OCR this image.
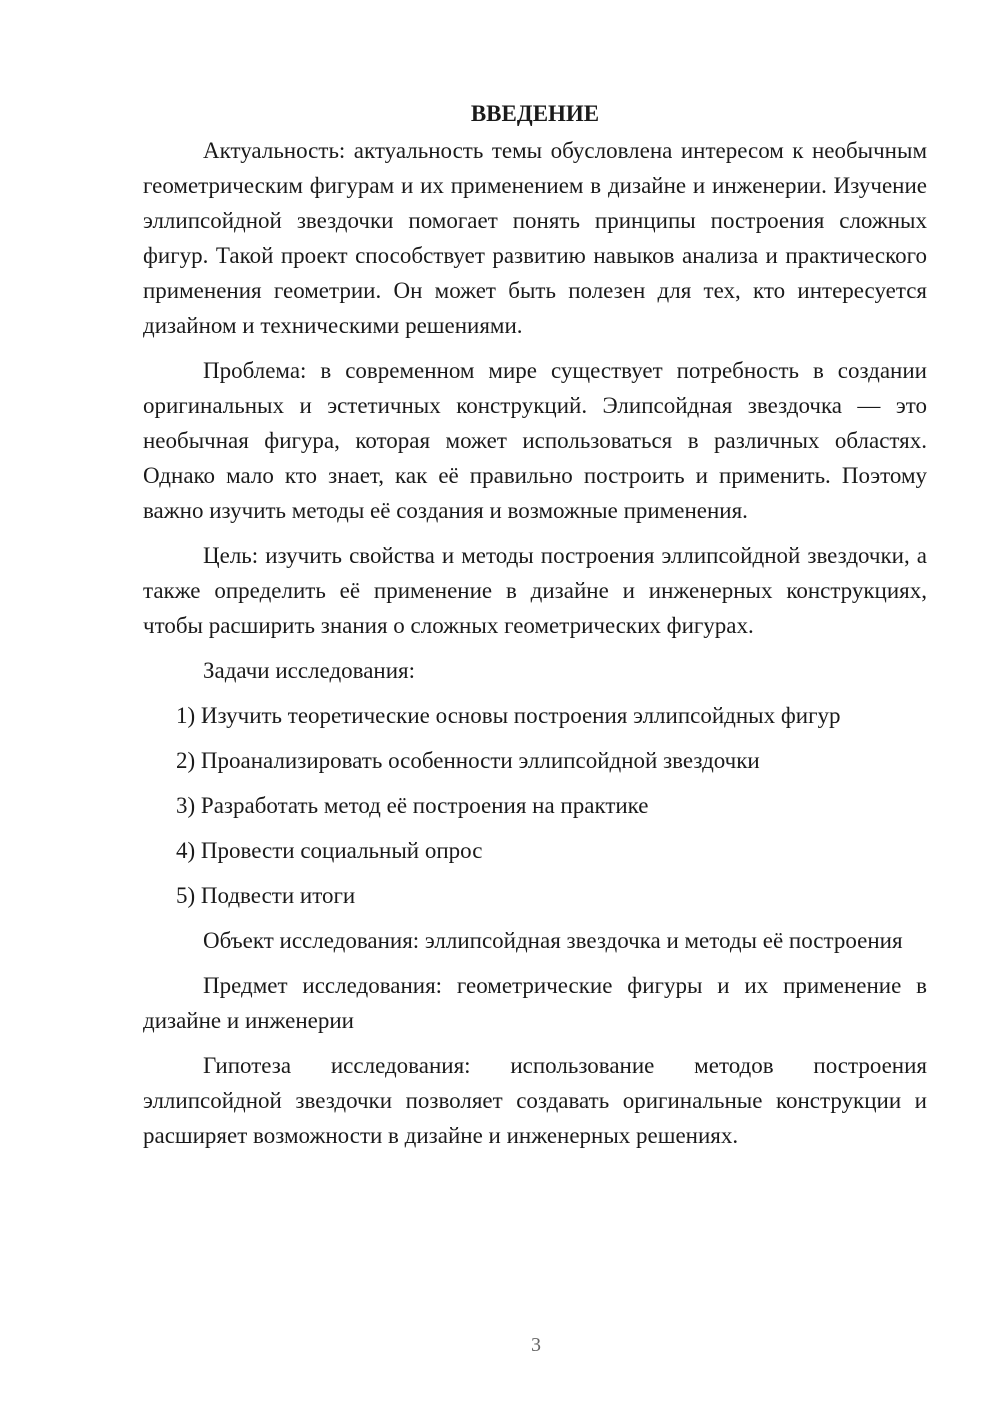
ВВЕДЕНИЕ

Актуальность: актуальность темы обусловлена интересом к необычным геометрическим фигурам и их применением в дизайне и инженерии. Изучение эллипсойдной звездочки помогает понять принципы построения сложных фигур. Такой проект способствует развитию навыков анализа и практического применения геометрии. Он может быть полезен для тех, кто интересуется дизайном и техническими решениями.

Проблема: в современном мире существует потребность в создании оригинальных и эстетичных конструкций. Элипсойдная звездочка — это необычная фигура, которая может использоваться в различных областях. Однако мало кто знает, как её правильно построить и применить. Поэтому важно изучить методы её создания и возможные применения.

Цель: изучить свойства и методы построения эллипсойдной звездочки, а также определить её применение в дизайне и инженерных конструкциях, чтобы расширить знания о сложных геометрических фигурах.

Задачи исследования:

1) Изучить теоретические основы построения эллипсойдных фигур
2) Проанализировать особенности эллипсойдной звездочки
3) Разработать метод её построения на практике
4) Провести социальный опрос
5) Подвести итоги

Объект исследования: эллипсойдная звездочка и методы её построения

Предмет исследования: геометрические фигуры и их применение в дизайне и инженерии

Гипотеза исследования: использование методов построения эллипсойдной звездочки позволяет создавать оригинальные конструкции и расширяет возможности в дизайне и инженерных решениях.

3
